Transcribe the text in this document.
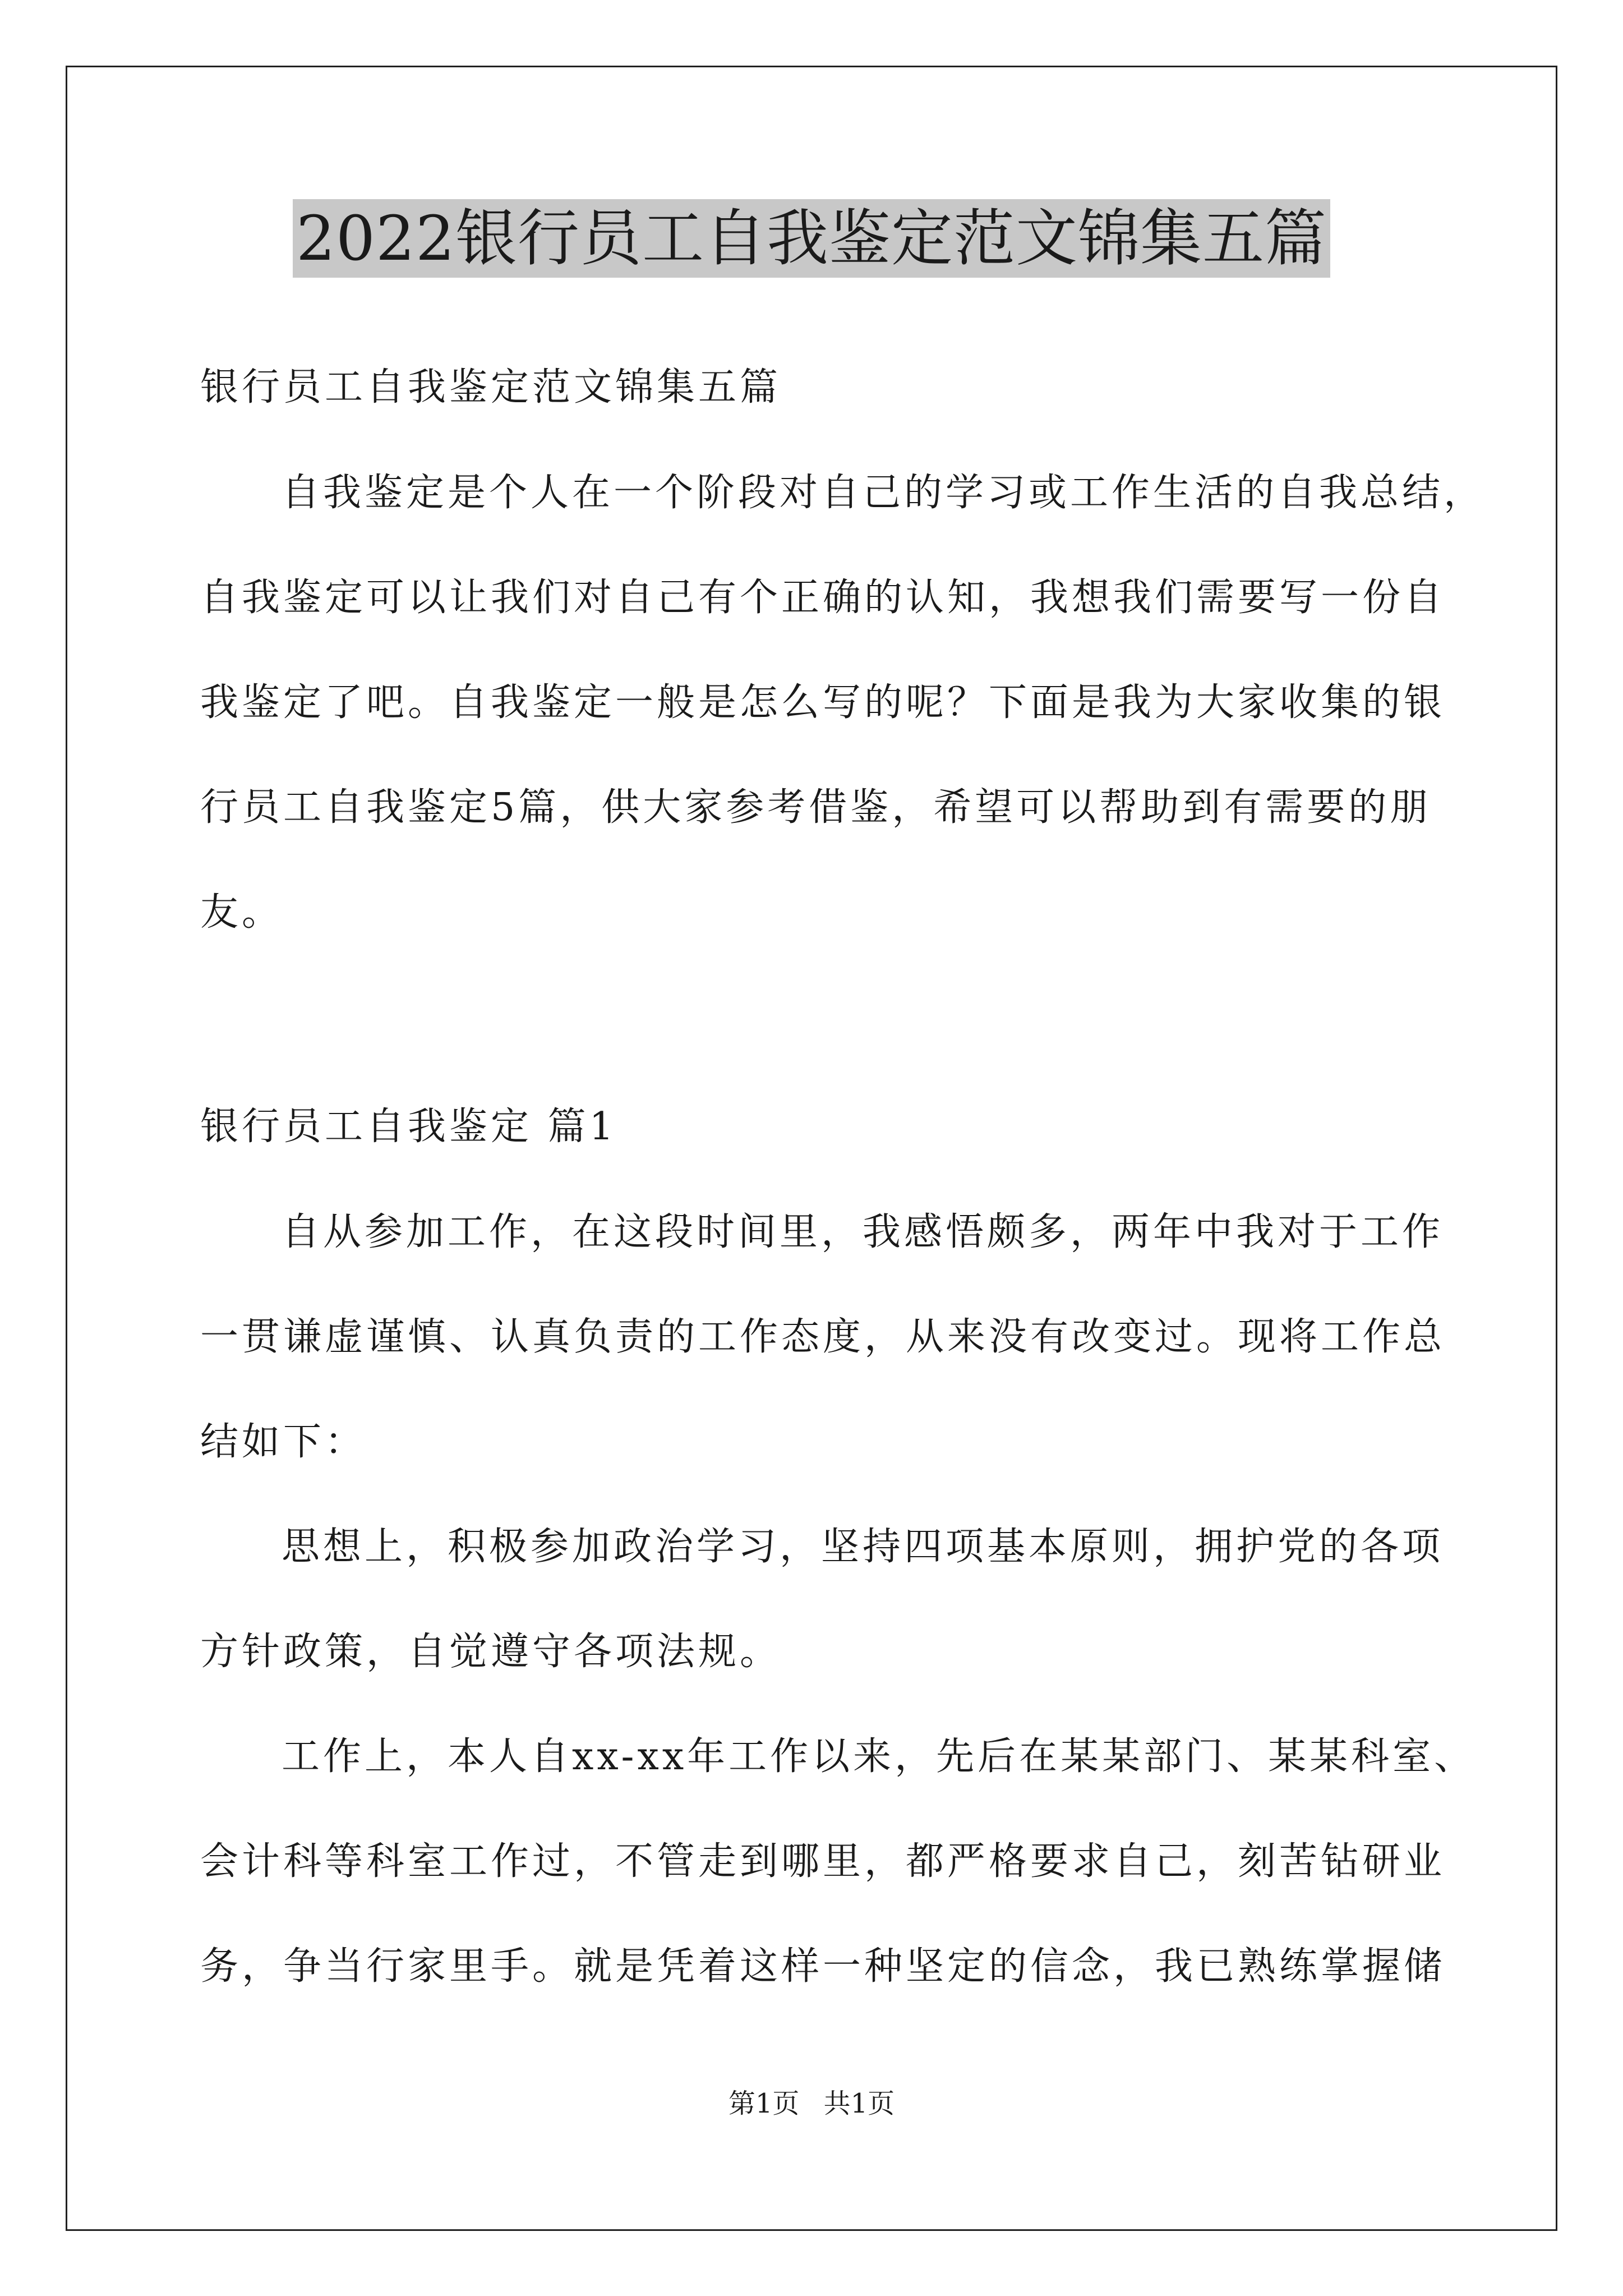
2022银行员工自我鉴定范文锦集五篇

银行员工自我鉴定范文锦集五篇

自我鉴定是个人在一个阶段对自己的学习或工作生活的自我总结，

自我鉴定可以让我们对自己有个正确的认知，我想我们需要写一份自

我鉴定了吧。自我鉴定一般是怎么写的呢？下面是我为大家收集的银

行员工自我鉴定5篇，供大家参考借鉴，希望可以帮助到有需要的朋

友。

银行员工自我鉴定 篇1

自从参加工作，在这段时间里，我感悟颇多，两年中我对于工作

一贯谦虚谨慎、认真负责的工作态度，从来没有改变过。现将工作总

结如下：

思想上，积极参加政治学习，坚持四项基本原则，拥护党的各项

方针政策，自觉遵守各项法规。

工作上，本人自xx-xx年工作以来，先后在某某部门、某某科室、

会计科等科室工作过，不管走到哪里，都严格要求自己，刻苦钻研业

务，争当行家里手。就是凭着这样一种坚定的信念，我已熟练掌握储

第1页 共1页
